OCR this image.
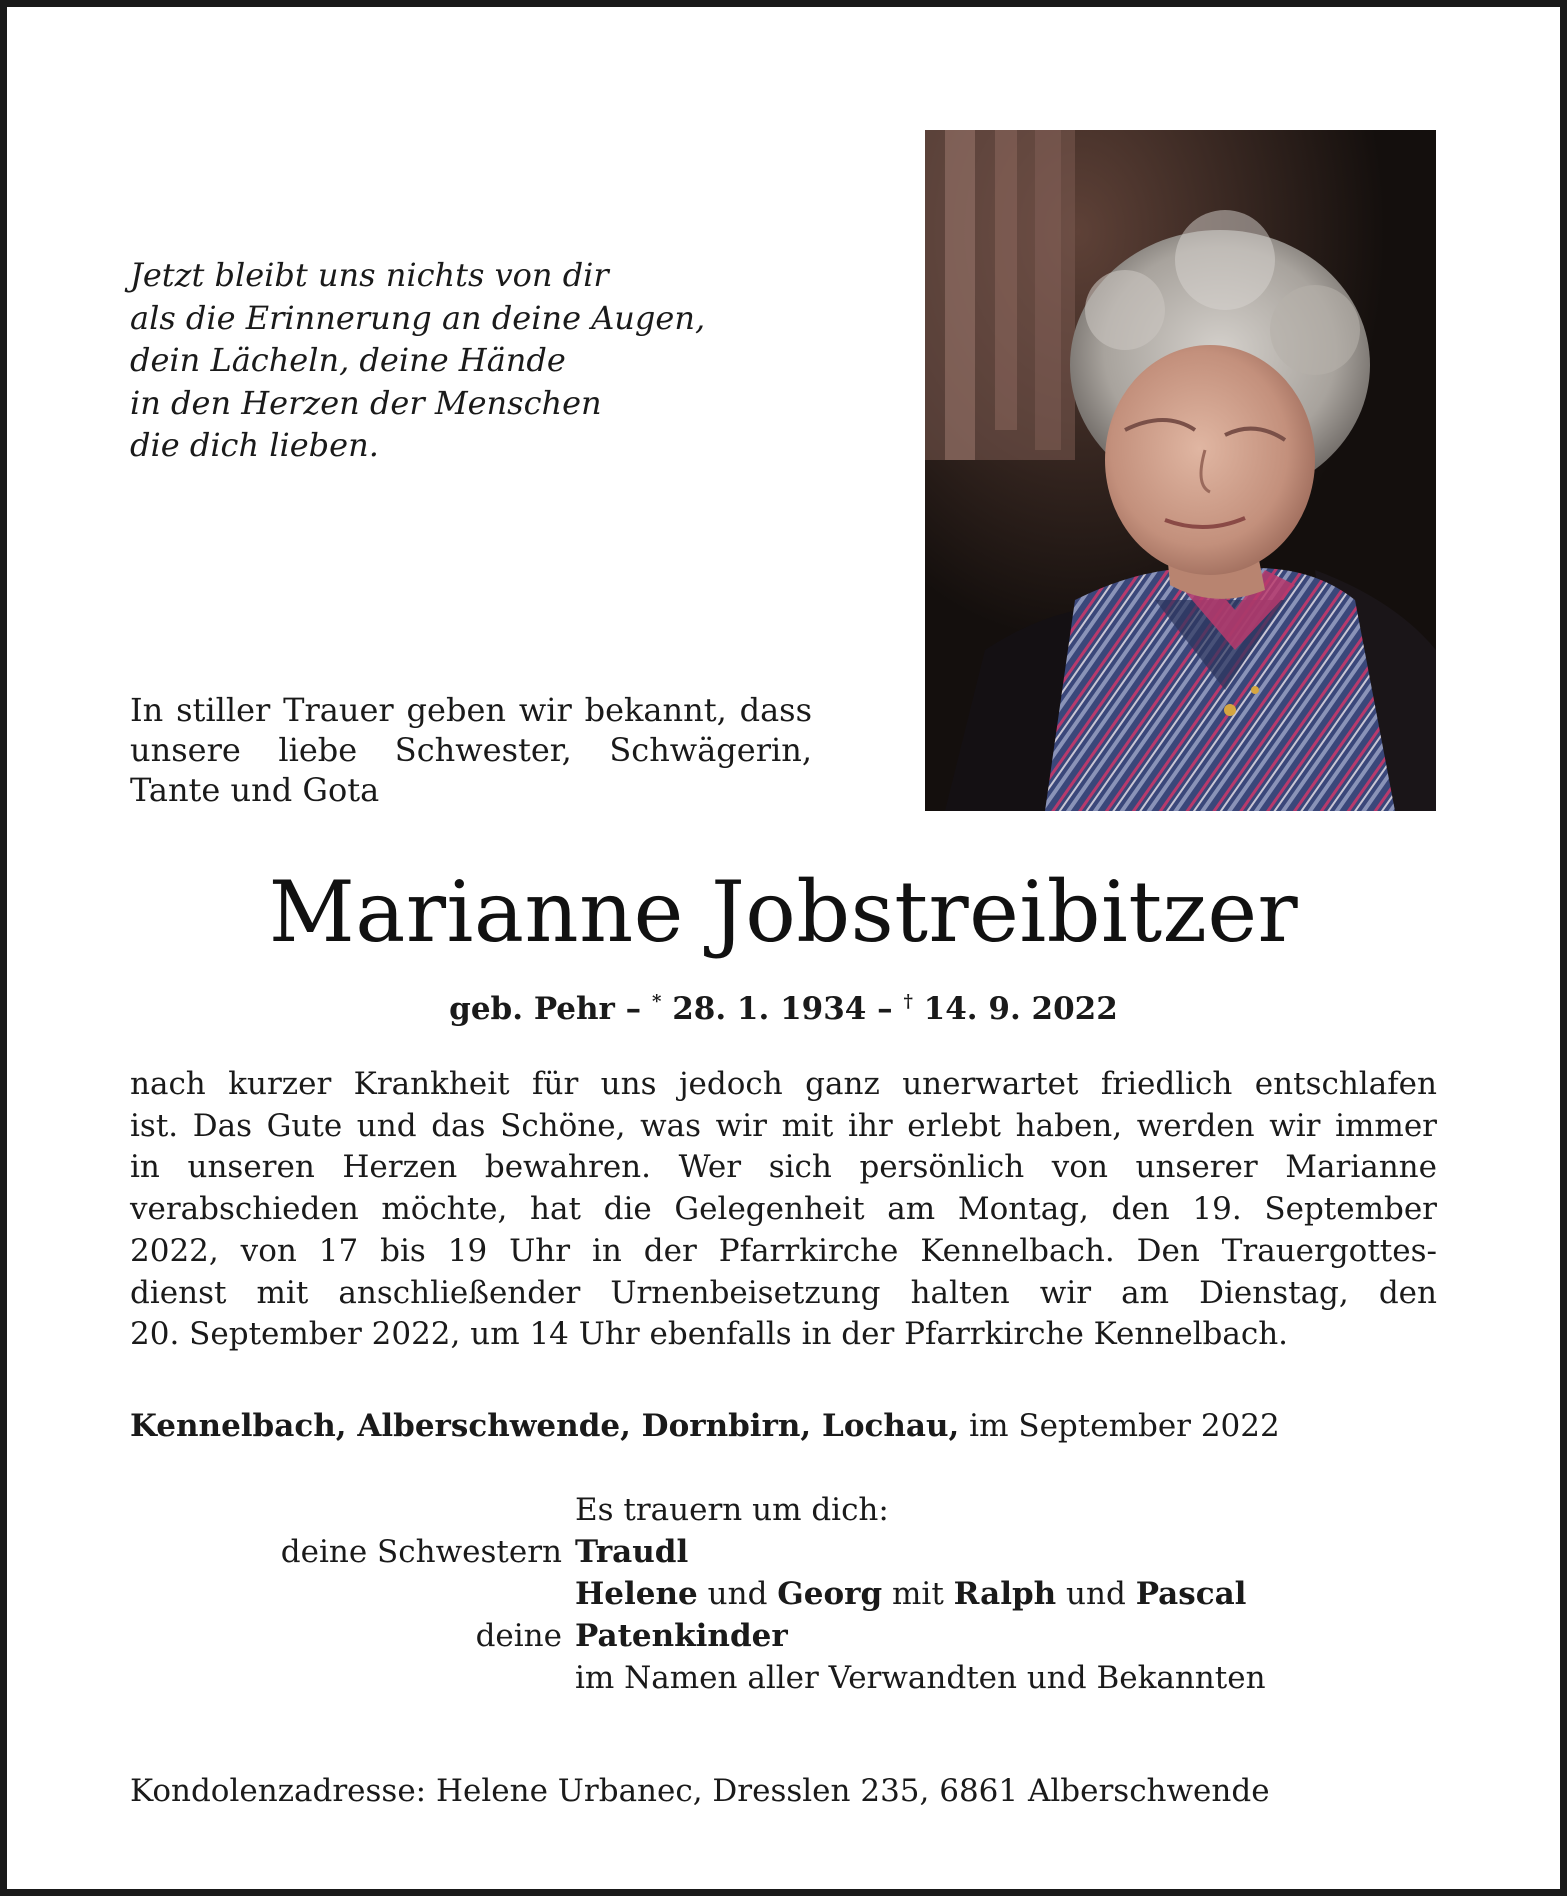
Jetzt bleibt uns nichts von dir
als die Erinnerung an deine Augen,
dein Lächeln, deine Hände
in den Herzen der Menschen
die dich lieben.
In stiller Trauer geben wir bekannt, dass
unsere liebe Schwester, Schwägerin,
Tante und Gota
Marianne Jobstreibitzer
geb. Pehr – * 28. 1. 1934 – † 14. 9. 2022
nach kurzer Krankheit für uns jedoch ganz unerwartet friedlich entschlafen
ist. Das Gute und das Schöne, was wir mit ihr erlebt haben, werden wir immer
in unseren Herzen bewahren. Wer sich persönlich von unserer Marianne
verabschieden möchte, hat die Gelegenheit am Montag, den 19. September
2022, von 17 bis 19 Uhr in der Pfarrkirche Kennelbach. Den Trauergottes-
dienst mit anschließender Urnenbeisetzung halten wir am Dienstag, den
20. September 2022, um 14 Uhr ebenfalls in der Pfarrkirche Kennelbach.
Kennelbach, Alberschwende, Dornbirn, Lochau, im September 2022
Es trauern um dich:
deine Schwestern Traudl
Helene und Georg mit Ralph und Pascal
deine Patenkinder
im Namen aller Verwandten und Bekannten
Kondolenzadresse: Helene Urbanec, Dresslen 235, 6861 Alberschwende
